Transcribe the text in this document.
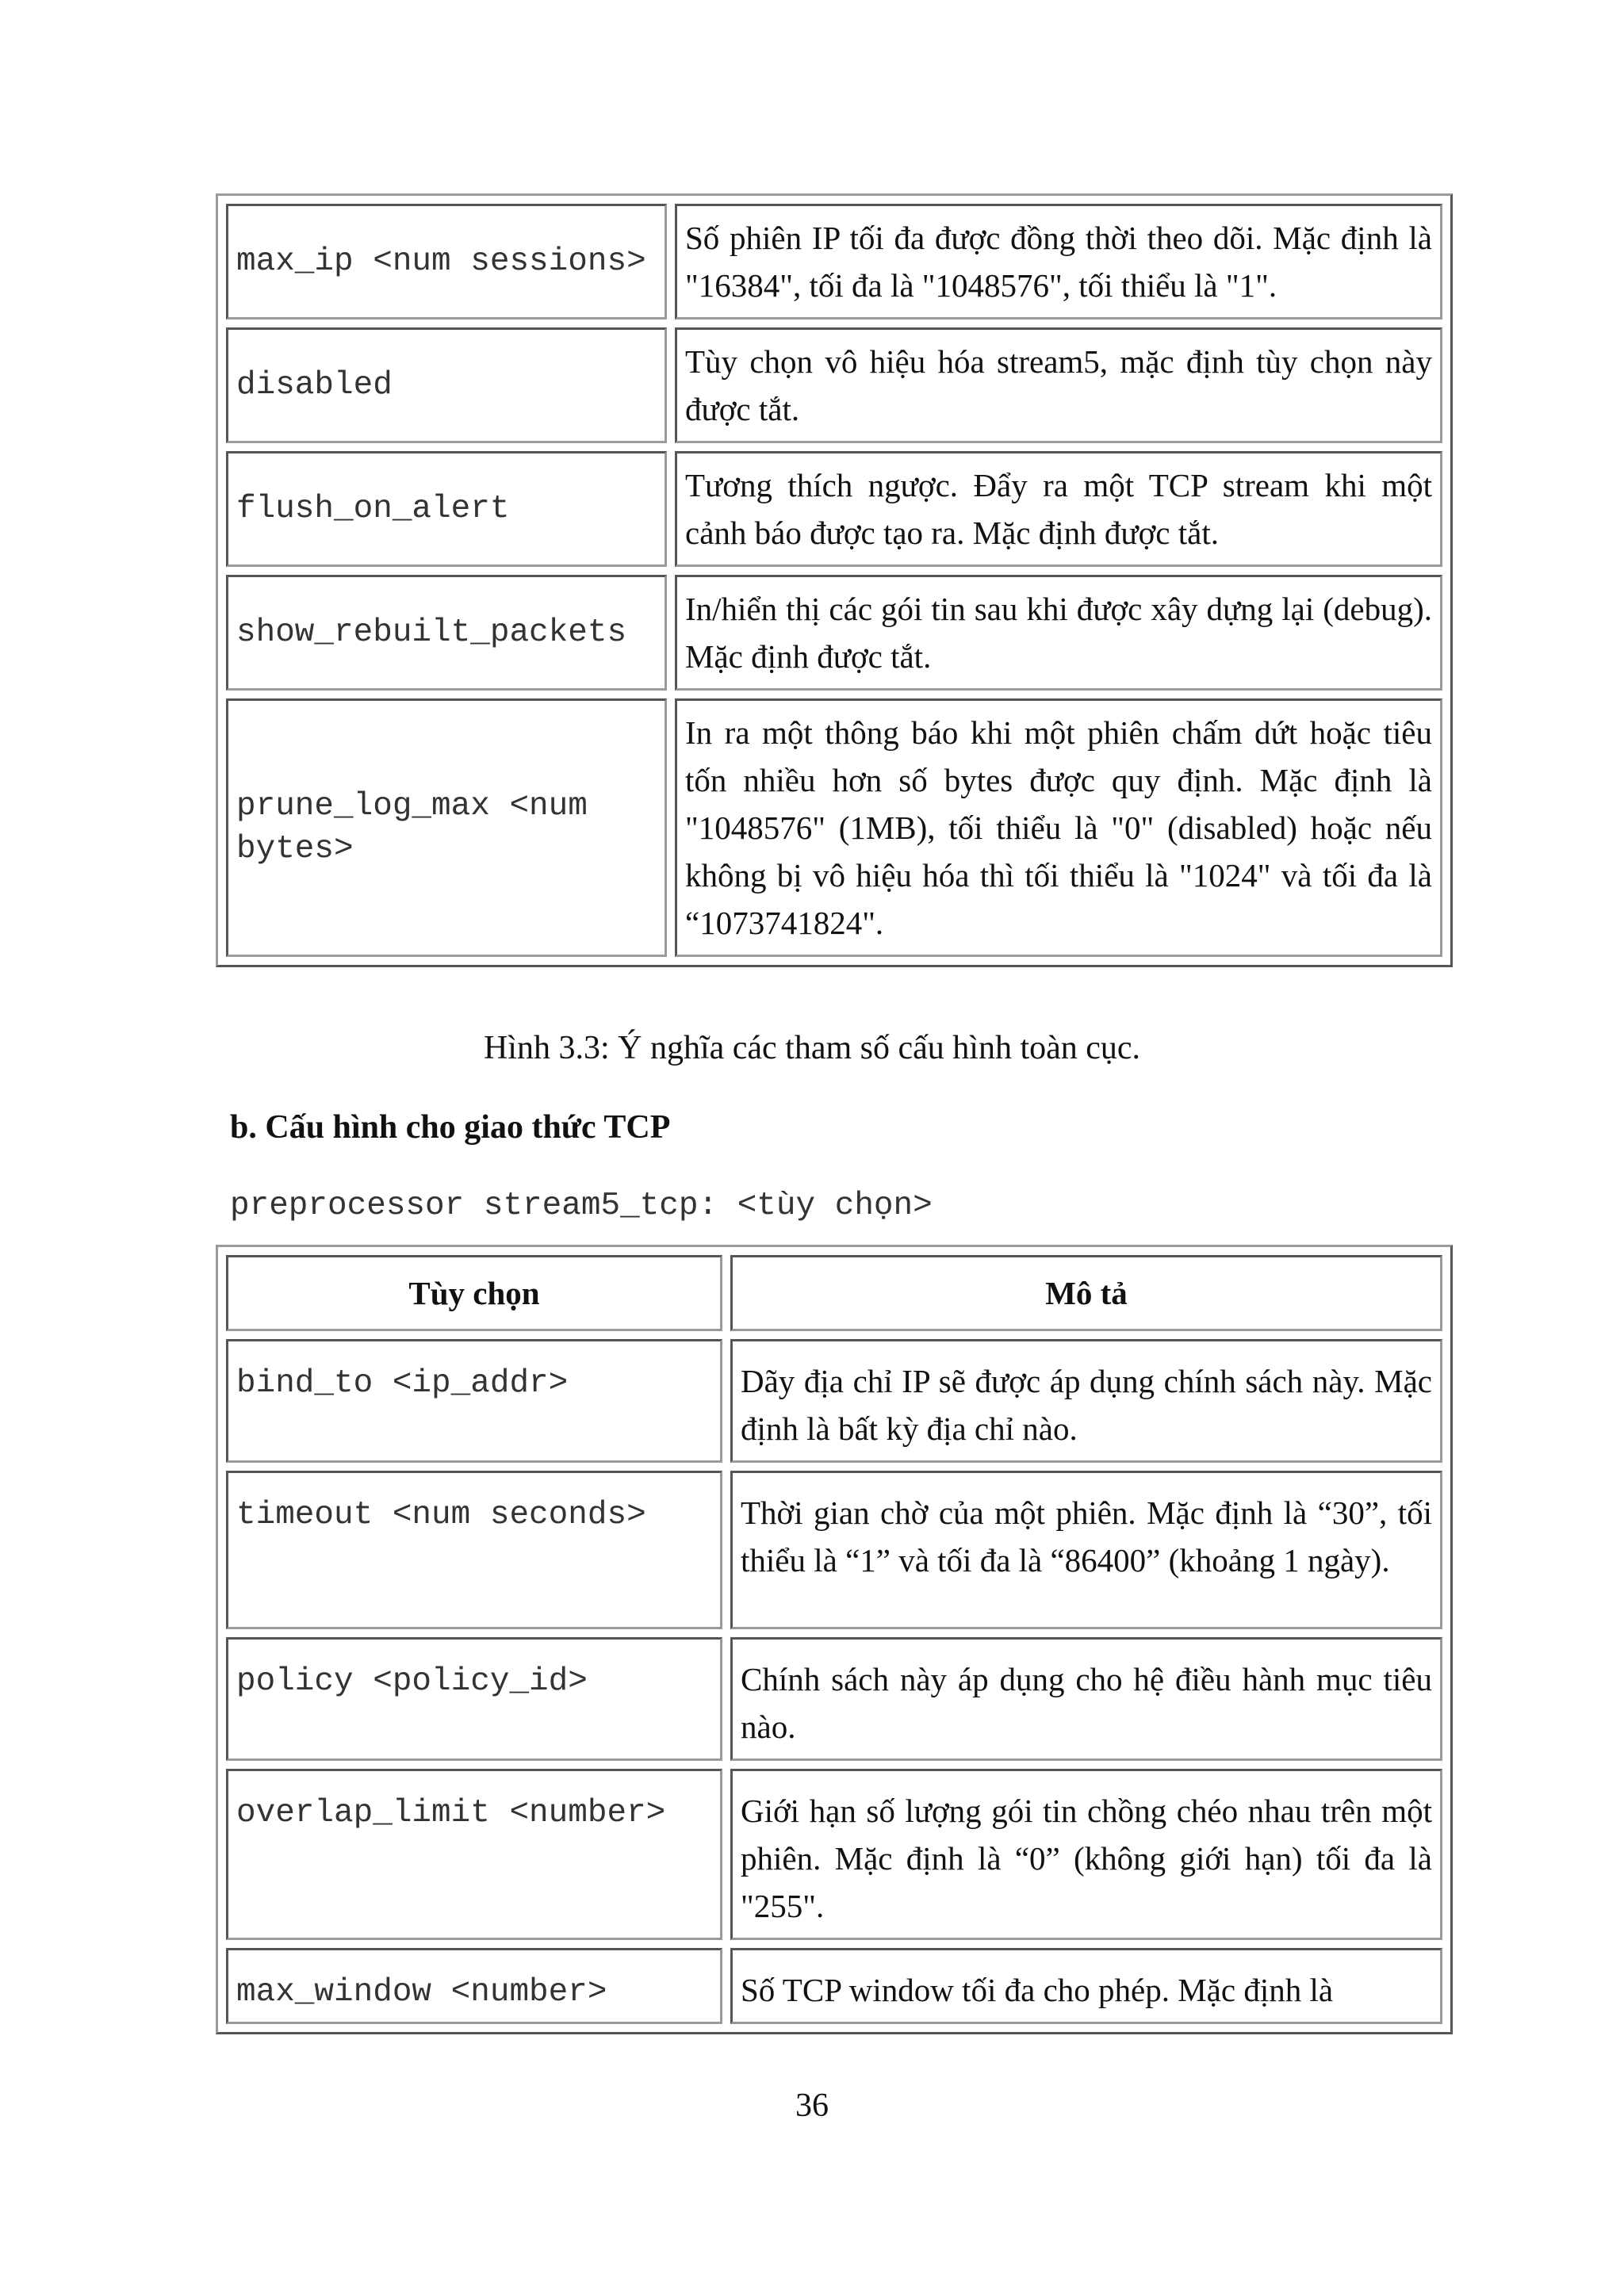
max_ip <num sessions>	Số phiên IP tối đa được đồng thời theo dõi. Mặc định là "16384", tối đa là "1048576", tối thiểu là "1".
disabled	Tùy chọn vô hiệu hóa stream5, mặc định tùy chọn này được tắt.
flush_on_alert	Tương thích ngược. Đẩy ra một TCP stream khi một cảnh báo được tạo ra. Mặc định được tắt.
show_rebuilt_packets	In/hiển thị các gói tin sau khi được xây dựng lại (debug). Mặc định được tắt.
prune_log_max <num bytes>	In ra một thông báo khi một phiên chấm dứt hoặc tiêu tốn nhiều hơn số bytes được quy định. Mặc định là "1048576" (1MB), tối thiểu là "0" (disabled) hoặc nếu không bị vô hiệu hóa thì tối thiểu là "1024" và tối đa là “1073741824".
Hình 3.3: Ý nghĩa các tham số cấu hình toàn cục.
b. Cấu hình cho giao thức TCP
preprocessor stream5_tcp: <tùy chọn>
Tùy chọn	Mô tả
bind_to <ip_addr>	Dãy địa chỉ IP sẽ được áp dụng chính sách này. Mặc định là bất kỳ địa chỉ nào.
timeout <num seconds>	Thời gian chờ của một phiên. Mặc định là “30”, tối thiểu là “1” và tối đa là “86400” (khoảng 1 ngày).
policy <policy_id>	Chính sách này áp dụng cho hệ điều hành mục tiêu nào.
overlap_limit <number>	Giới hạn số lượng gói tin chồng chéo nhau trên một phiên. Mặc định là “0” (không giới hạn) tối đa là "255".
max_window <number>	Số TCP window tối đa cho phép. Mặc định là
36
